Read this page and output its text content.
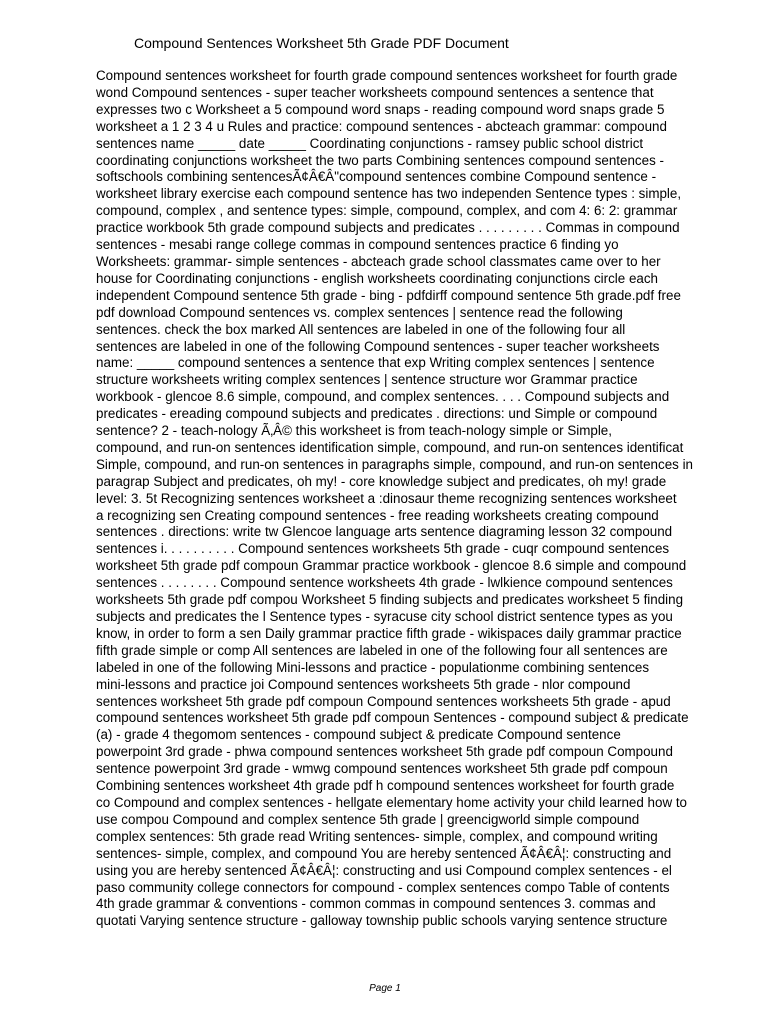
Compound Sentences Worksheet 5th Grade PDF Document
Compound sentences worksheet for fourth grade compound sentences worksheet for fourth grade
wond Compound sentences - super teacher worksheets compound sentences a sentence that
expresses two c Worksheet a 5 compound word snaps - reading compound word snaps grade 5
worksheet a 1 2 3 4 u Rules and practice: compound sentences - abcteach grammar: compound
sentences name _____ date _____ Coordinating conjunctions - ramsey public school district
coordinating conjunctions worksheet the two parts Combining sentences compound sentences -
softschools combining sentencesÃ¢Â€Â"compound sentences combine Compound sentence -
worksheet library exercise each compound sentence has two independen Sentence types : simple,
compound, complex , and sentence types: simple, compound, complex, and com 4: 6: 2: grammar
practice workbook 5th grade compound subjects and predicates . . . . . . . . . Commas in compound
sentences - mesabi range college commas in compound sentences practice 6 finding yo
Worksheets: grammar- simple sentences - abcteach grade school classmates came over to her
house for Coordinating conjunctions - english worksheets coordinating conjunctions circle each
independent Compound sentence 5th grade - bing - pdfdirff compound sentence 5th grade.pdf free
pdf download Compound sentences vs. complex sentences | sentence read the following
sentences. check the box marked All sentences are labeled in one of the following four all
sentences are labeled in one of the following Compound sentences - super teacher worksheets
name: _____ compound sentences a sentence that exp Writing complex sentences | sentence
structure worksheets writing complex sentences | sentence structure wor Grammar practice
workbook - glencoe 8.6 simple, compound, and complex sentences. . . . Compound subjects and
predicates - ereading compound subjects and predicates . directions: und Simple or compound
sentence? 2 - teach-nology Ã‚Â© this worksheet is from teach-nology simple or Simple,
compound, and run-on sentences identification simple, compound, and run-on sentences identificat
Simple, compound, and run-on sentences in paragraphs simple, compound, and run-on sentences in
paragrap Subject and predicates, oh my! - core knowledge subject and predicates, oh my! grade
level: 3. 5t Recognizing sentences worksheet a :dinosaur theme recognizing sentences worksheet
a recognizing sen Creating compound sentences - free reading worksheets creating compound
sentences . directions: write tw Glencoe language arts sentence diagraming lesson 32 compound
sentences i. . . . . . . . . . Compound sentences worksheets 5th grade - cuqr compound sentences
worksheet 5th grade pdf compoun Grammar practice workbook - glencoe 8.6 simple and compound
sentences . . . . . . . . Compound sentence worksheets 4th grade - lwlkience compound sentences
worksheets 5th grade pdf compou Worksheet 5 finding subjects and predicates worksheet 5 finding
subjects and predicates the l Sentence types - syracuse city school district sentence types as you
know, in order to form a sen Daily grammar practice fifth grade - wikispaces daily grammar practice
fifth grade simple or comp All sentences are labeled in one of the following four all sentences are
labeled in one of the following Mini-lessons and practice - populationme combining sentences
mini-lessons and practice joi Compound sentences worksheets 5th grade - nlor compound
sentences worksheet 5th grade pdf compoun Compound sentences worksheets 5th grade - apud
compound sentences worksheet 5th grade pdf compoun Sentences - compound subject & predicate
(a) - grade 4 thegomom sentences - compound subject & predicate Compound sentence
powerpoint 3rd grade - phwa compound sentences worksheet 5th grade pdf compoun Compound
sentence powerpoint 3rd grade - wmwg compound sentences worksheet 5th grade pdf compoun
Combining sentences worksheet 4th grade pdf h compound sentences worksheet for fourth grade
co Compound and complex sentences - hellgate elementary home activity your child learned how to
use compou Compound and complex sentence 5th grade | greencigworld simple compound
complex sentences: 5th grade read Writing sentences- simple, complex, and compound writing
sentences- simple, complex, and compound You are hereby sentenced Ã¢Â€Â¦: constructing and
using you are hereby sentenced Ã¢Â€Â¦: constructing and usi Compound complex sentences - el
paso community college connectors for compound - complex sentences compo Table of contents
4th grade grammar & conventions - common commas in compound sentences 3. commas and
quotati Varying sentence structure - galloway township public schools varying sentence structure
Page 1
